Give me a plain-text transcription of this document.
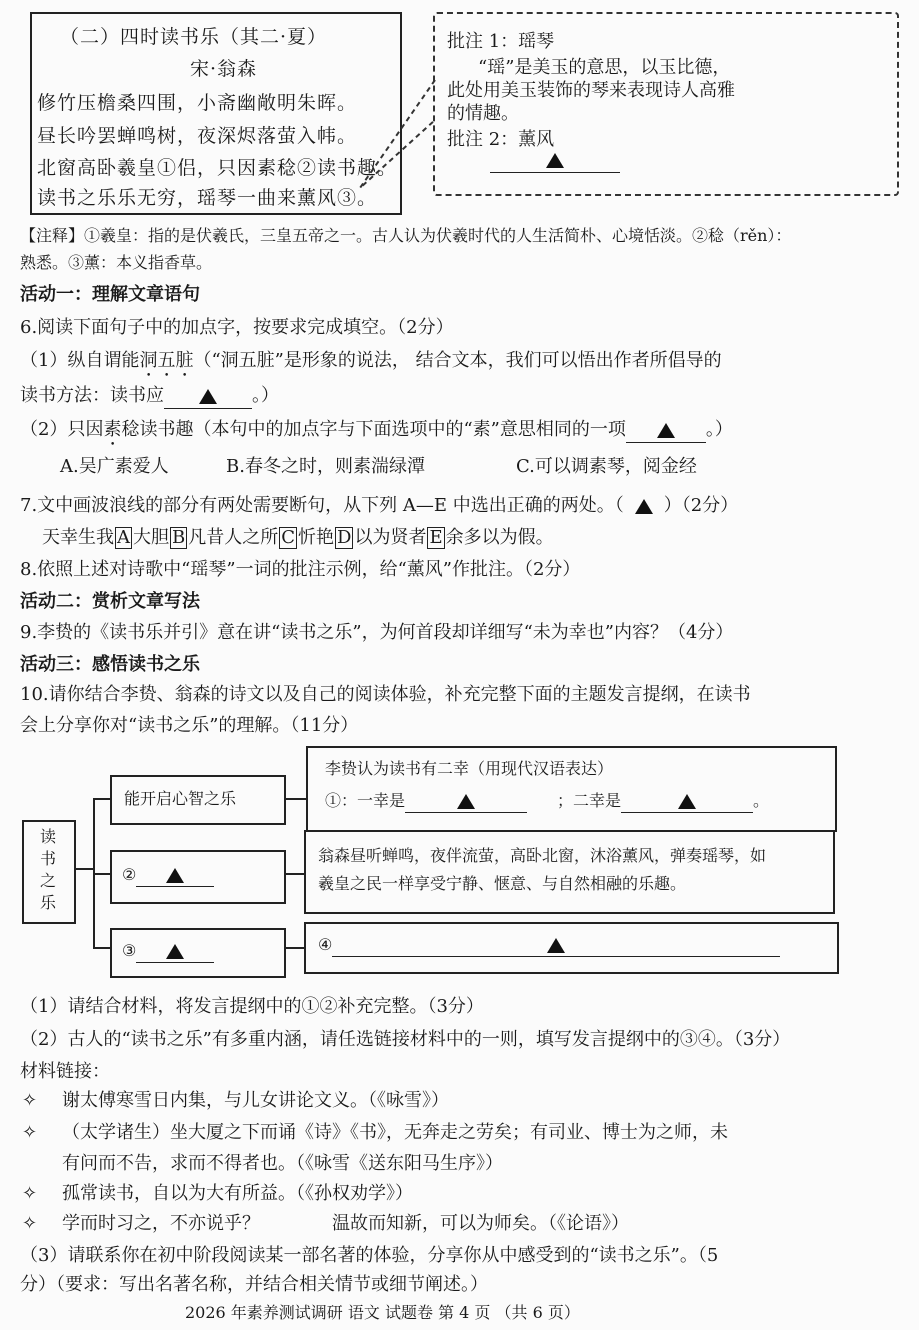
（二）四时读书乐（其二·夏）
宋·翁森
修竹压檐桑四围，小斋幽敞明朱晖。
昼长吟罢蝉鸣树，夜深烬落萤入帏。
北窗高卧羲皇①侣，只因素稔②读书趣。
读书之乐乐无穷，瑶琴一曲来薰风③。
批注 1：瑶琴
“瑶”是美玉的意思，以玉比德，
此处用美玉装饰的琴来表现诗人高雅
的情趣。
批注 2：薰风
【注释】①羲皇：指的是伏羲氏，三皇五帝之一。古人认为伏羲时代的人生活简朴、心境恬淡。②稔（rěn）：
熟悉。③薰：本义指香草。
活动一：理解文章语句
6.阅读下面句子中的加点字，按要求完成填空。（2分）
（1）纵自谓能洞五脏（“洞五脏”是形象的说法， 结合文本，我们可以悟出作者所倡导的
读书方法：读书应	。）
（2）只因素稔读书趣（本句中的加点字与下面选项中的“素”意思相同的一项	。）
A.吴广素爱人	B.春冬之时，则素湍绿潭	C.可以调素琴，阅金经
7.文中画波浪线的部分有两处需要断句，从下列 A—E 中选出正确的两处。（ ）（2分）
天幸生我 A 大胆 B 凡昔人之所 C 忻艳 D 以为贤者 E 余多以为假。
8.依照上述对诗歌中“瑶琴”一词的批注示例，给“薰风”作批注。（2分）
活动二：赏析文章写法
9.李贽的《读书乐并引》意在讲“读书之乐”，为何首段却详细写“未为幸也”内容？（4分）
活动三：感悟读书之乐
10.请你结合李贽、翁森的诗文以及自己的阅读体验，补充完整下面的主题发言提纲，在读书
会上分享你对“读书之乐”的理解。（11分）
读
书
之
乐
能开启心智之乐
李贽认为读书有二幸（用现代汉语表达）
①：一幸是	；二幸是	。
②
翁森昼听蝉鸣，夜伴流萤，高卧北窗，沐浴薰风，弹奏瑶琴，如
羲皇之民一样享受宁静、惬意、与自然相融的乐趣。
③	④
（1）请结合材料，将发言提纲中的①②补充完整。（3分）
（2）古人的“读书之乐”有多重内涵，请任选链接材料中的一则，填写发言提纲中的③④。（3分）
材料链接：
✧ 谢太傅寒雪日内集，与儿女讲论文义。（《咏雪》）
✧ （太学诸生）坐大厦之下而诵《诗》《书》，无奔走之劳矣；有司业、博士为之师，未
有问而不告，求而不得者也。（《咏雪《送东阳马生序》）
✧ 孤常读书，自以为大有所益。（《孙权劝学》）
✧ 学而时习之，不亦说乎？	温故而知新，可以为师矣。（《论语》）
（3）请联系你在初中阶段阅读某一部名著的体验，分享你从中感受到的“读书之乐”。（5
分）（要求：写出名著名称，并结合相关情节或细节阐述。）
2026 年素养测试调研 语文 试题卷 第 4 页 （共 6 页）
